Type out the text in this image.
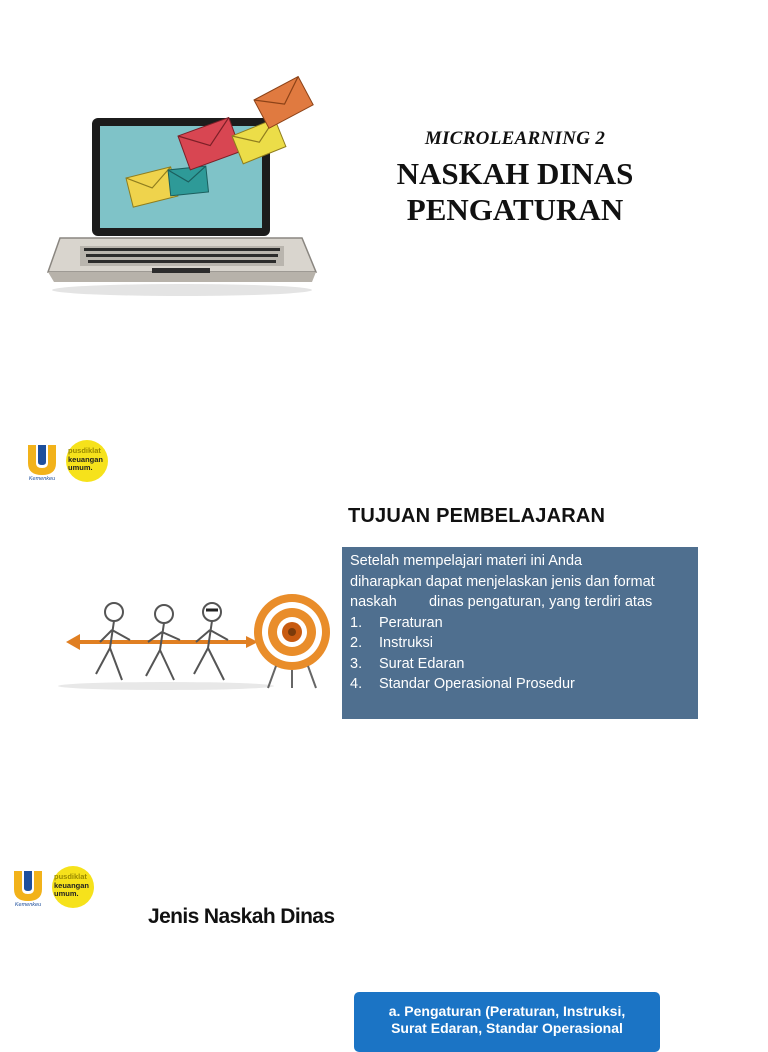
MICROLEARNING 2
NASKAH DINAS
PENGATURAN
Kemenkeu
pusdiklat
keuangan
umum.
TUJUAN PEMBELAJARAN
Setelah mempelajari materi ini Anda
diharapkan dapat menjelaskan jenis dan format
naskah        dinas pengaturan, yang terdiri atas
1.	Peraturan
2.	Instruksi
3.	Surat Edaran
4.	Standar Operasional Prosedur
Kemenkeu
pusdiklat
keuangan
umum.
Jenis Naskah Dinas
a. Pengaturan (Peraturan, Instruksi,
Surat Edaran, Standar Operasional
